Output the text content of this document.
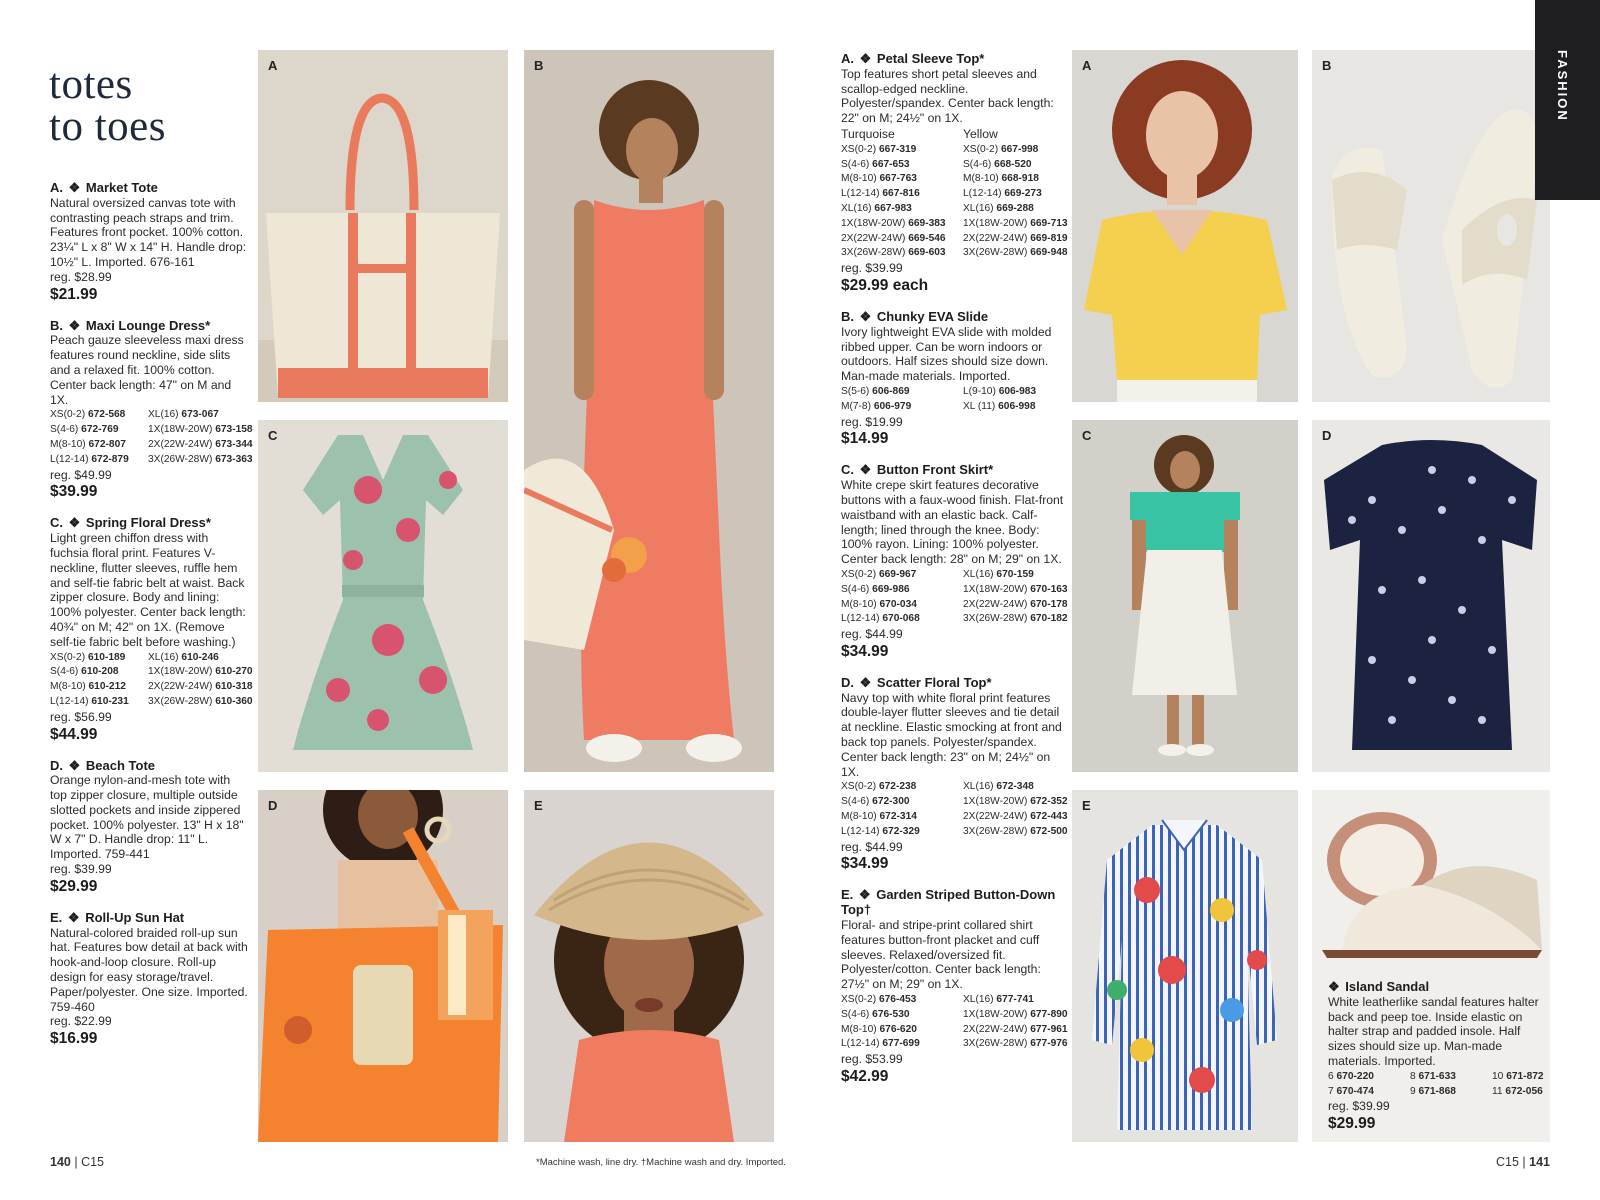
totes
to toes
A. ❖ Market Tote
Natural oversized canvas tote with contrasting peach straps and trim. Features front pocket. 100% cotton. 23¼" L x 8" W x 14" H. Handle drop: 10½" L. Imported. 676-161
reg. $28.99
$21.99
B. ❖ Maxi Lounge Dress*
Peach gauze sleeveless maxi dress features round neckline, side slits and a relaxed fit. 100% cotton. Center back length: 47" on M and 1X.
XS(0-2) 672-568	XL(16) 673-067
S(4-6) 672-769	1X(18W-20W) 673-158
M(8-10) 672-807	2X(22W-24W) 673-344
L(12-14) 672-879	3X(26W-28W) 673-363
reg. $49.99
$39.99
C. ❖ Spring Floral Dress*
Light green chiffon dress with fuchsia floral print. Features V-neckline, flutter sleeves, ruffle hem and self-tie fabric belt at waist. Back zipper closure. Body and lining: 100% polyester. Center back length: 40¾" on M; 42" on 1X. (Remove self-tie fabric belt before washing.)
XS(0-2) 610-189	XL(16) 610-246
S(4-6) 610-208	1X(18W-20W) 610-270
M(8-10) 610-212	2X(22W-24W) 610-318
L(12-14) 610-231	3X(26W-28W) 610-360
reg. $56.99
$44.99
D. ❖ Beach Tote
Orange nylon-and-mesh tote with top zipper closure, multiple outside slotted pockets and inside zippered pocket. 100% polyester. 13" H x 18" W x 7" D. Handle drop: 11" L. Imported. 759-441
reg. $39.99
$29.99
E. ❖ Roll-Up Sun Hat
Natural-colored braided roll-up sun hat. Features bow detail at back with hook-and-loop closure. Roll-up design for easy storage/travel. Paper/polyester. One size. Imported. 759-460
reg. $22.99
$16.99
A. ❖ Petal Sleeve Top*
Top features short petal sleeves and scallop-edged neckline. Polyester/spandex. Center back length: 22" on M; 24½" on 1X.
Turquoise	Yellow
XS(0-2) 667-319	XS(0-2) 667-998
S(4-6) 667-653	S(4-6) 668-520
M(8-10) 667-763	M(8-10) 668-918
L(12-14) 667-816	L(12-14) 669-273
XL(16) 667-983	XL(16) 669-288
1X(18W-20W) 669-383	1X(18W-20W) 669-713
2X(22W-24W) 669-546	2X(22W-24W) 669-819
3X(26W-28W) 669-603	3X(26W-28W) 669-948
reg. $39.99
$29.99 each
B. ❖ Chunky EVA Slide
Ivory lightweight EVA slide with molded ribbed upper. Can be worn indoors or outdoors. Half sizes should size down. Man-made materials. Imported.
S(5-6) 606-869	L(9-10) 606-983
M(7-8) 606-979	XL (11) 606-998
reg. $19.99
$14.99
C. ❖ Button Front Skirt*
White crepe skirt features decorative buttons with a faux-wood finish. Flat-front waistband with an elastic back. Calf-length; lined through the knee. Body: 100% rayon. Lining: 100% polyester. Center back length: 28" on M; 29" on 1X.
XS(0-2) 669-967	XL(16) 670-159
S(4-6) 669-986	1X(18W-20W) 670-163
M(8-10) 670-034	2X(22W-24W) 670-178
L(12-14) 670-068	3X(26W-28W) 670-182
reg. $44.99
$34.99
D. ❖ Scatter Floral Top*
Navy top with white floral print features double-layer flutter sleeves and tie detail at neckline. Elastic smocking at front and back top panels. Polyester/spandex. Center back length: 23" on M; 24½" on 1X.
XS(0-2) 672-238	XL(16) 672-348
S(4-6) 672-300	1X(18W-20W) 672-352
M(8-10) 672-314	2X(22W-24W) 672-443
L(12-14) 672-329	3X(26W-28W) 672-500
reg. $44.99
$34.99
E. ❖ Garden Striped Button-Down Top†
Floral- and stripe-print collared shirt features button-front placket and cuff sleeves. Relaxed/oversized fit. Polyester/cotton. Center back length: 27½" on M; 29" on 1X.
XS(0-2) 676-453	XL(16) 677-741
S(4-6) 676-530	1X(18W-20W) 677-890
M(8-10) 676-620	2X(22W-24W) 677-961
L(12-14) 677-699	3X(26W-28W) 677-976
reg. $53.99
$42.99
A	B
C
D	E
A	B
C	D
E
❖ Island Sandal
White leatherlike sandal features halter back and peep toe. Inside elastic on halter strap and padded insole. Half sizes should size up. Man-made materials. Imported.
6 670-220	8 671-633	10 671-872
7 670-474	9 671-868	11 672-056
reg. $39.99
$29.99
FASHION
140 | C15	*Machine wash, line dry. †Machine wash and dry. Imported.	C15 | 141
